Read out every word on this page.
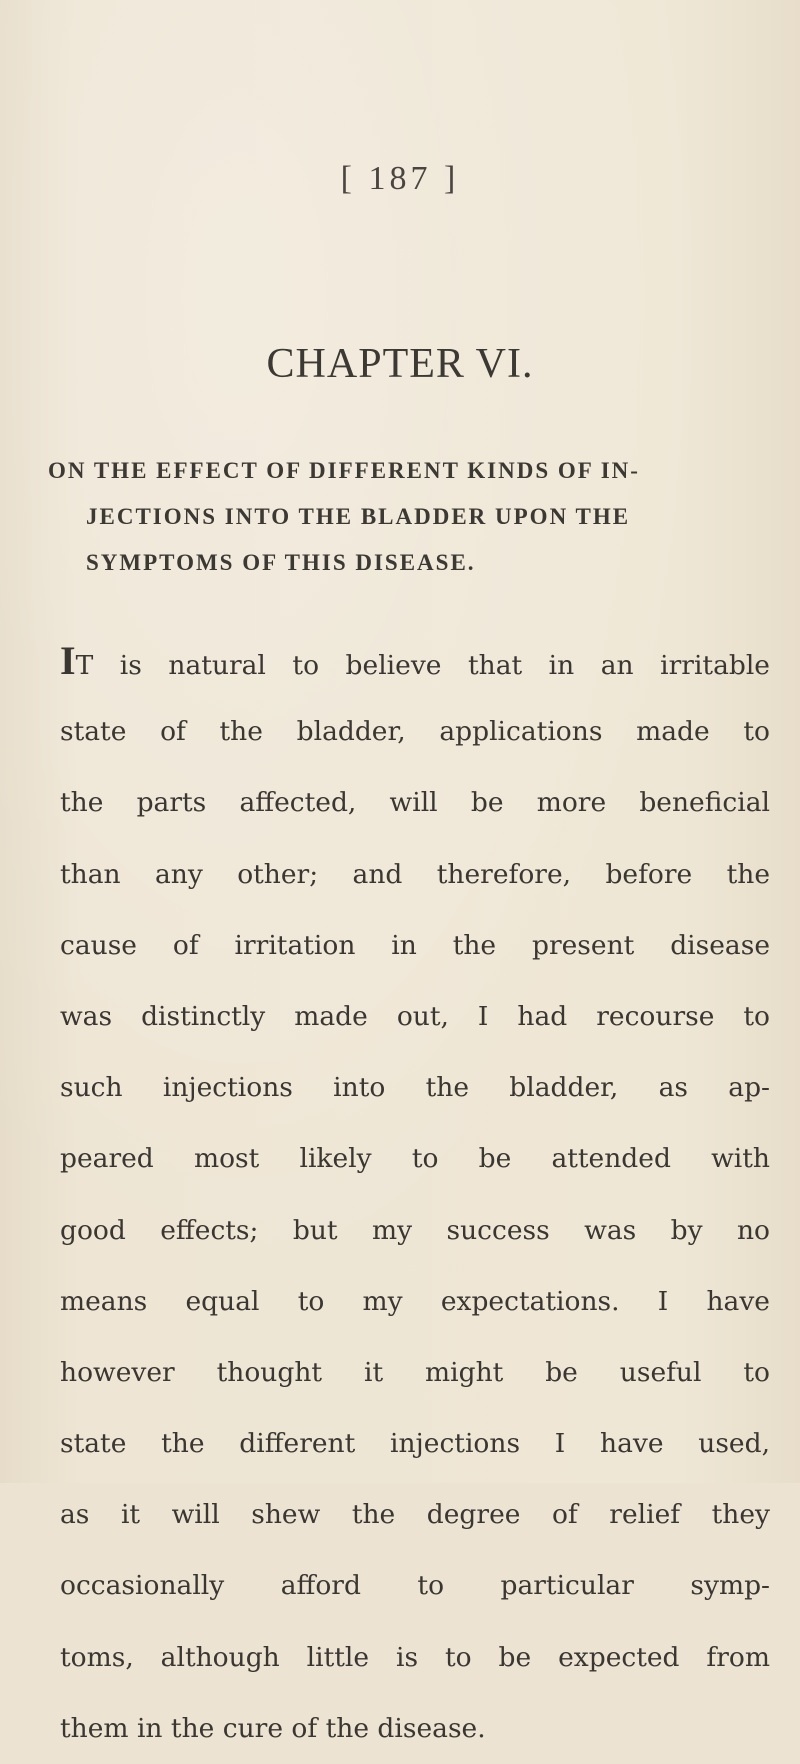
[ 187 ]
CHAPTER VI.
ON THE EFFECT OF DIFFERENT KINDS OF IN-
JECTIONS INTO THE BLADDER UPON THE
SYMPTOMS OF THIS DISEASE.
IT is natural to believe that in an irritable
state of the bladder, applications made to
the parts affected, will be more beneficial
than any other; and therefore, before the
cause of irritation in the present disease
was distinctly made out, I had recourse to
such injections into the bladder, as ap-
peared most likely to be attended with
good effects; but my success was by no
means equal to my expectations. I have
however thought it might be useful to
state the different injections I have used,
as it will shew the degree of relief they
occasionally afford to particular symp-
toms, although little is to be expected from
them in the cure of the disease.
